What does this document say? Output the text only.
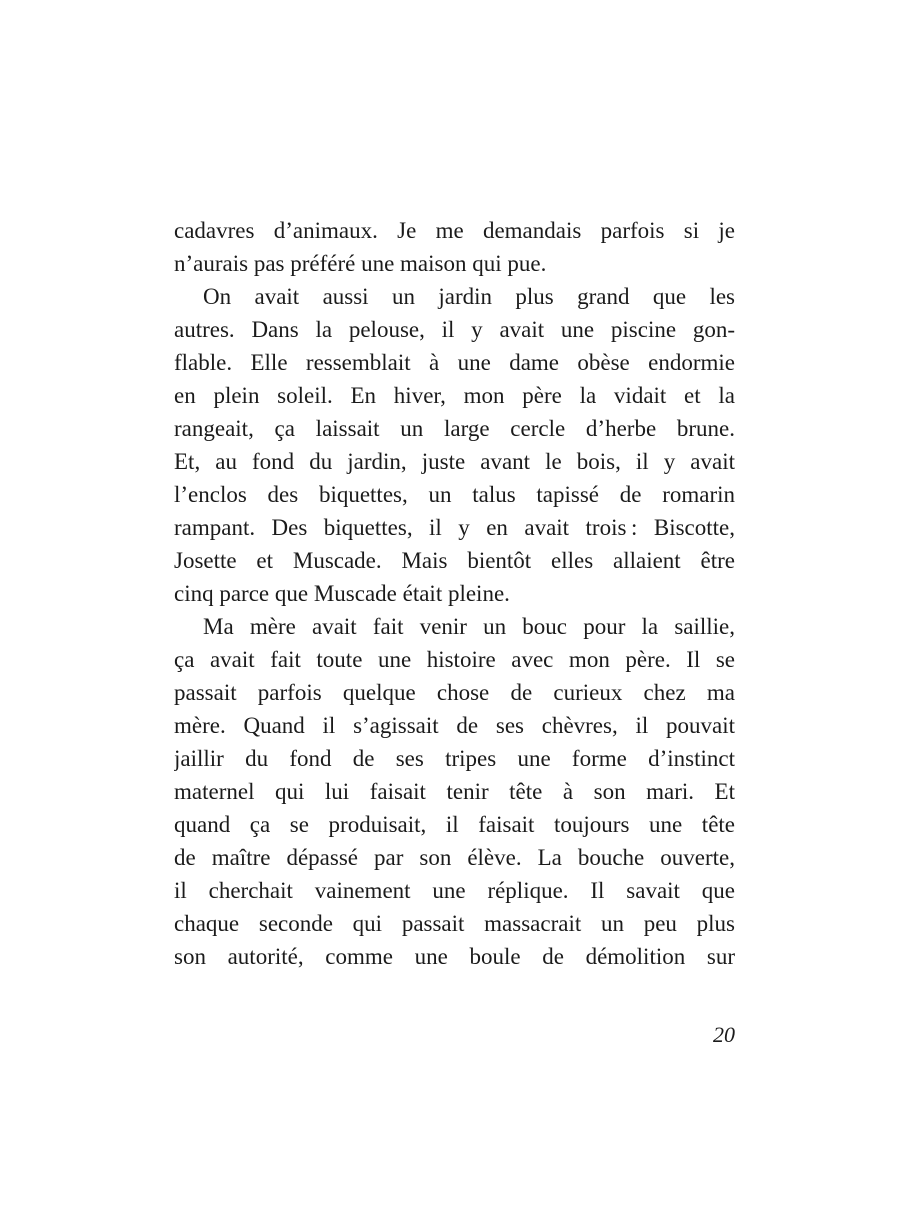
cadavres d’animaux. Je me demandais parfois si je
n’aurais pas préféré une maison qui pue.
On avait aussi un jardin plus grand que les
autres. Dans la pelouse, il y avait une piscine gon-
flable. Elle ressemblait à une dame obèse endormie
en plein soleil. En hiver, mon père la vidait et la
rangeait, ça laissait un large cercle d’herbe brune.
Et, au fond du jardin, juste avant le bois, il y avait
l’enclos des biquettes, un talus tapissé de romarin
rampant. Des biquettes, il y en avait trois : Biscotte,
Josette et Muscade. Mais bientôt elles allaient être
cinq parce que Muscade était pleine.
Ma mère avait fait venir un bouc pour la saillie,
ça avait fait toute une histoire avec mon père. Il se
passait parfois quelque chose de curieux chez ma
mère. Quand il s’agissait de ses chèvres, il pouvait
jaillir du fond de ses tripes une forme d’instinct
maternel qui lui faisait tenir tête à son mari. Et
quand ça se produisait, il faisait toujours une tête
de maître dépassé par son élève. La bouche ouverte,
il cherchait vainement une réplique. Il savait que
chaque seconde qui passait massacrait un peu plus
son autorité, comme une boule de démolition sur
20
